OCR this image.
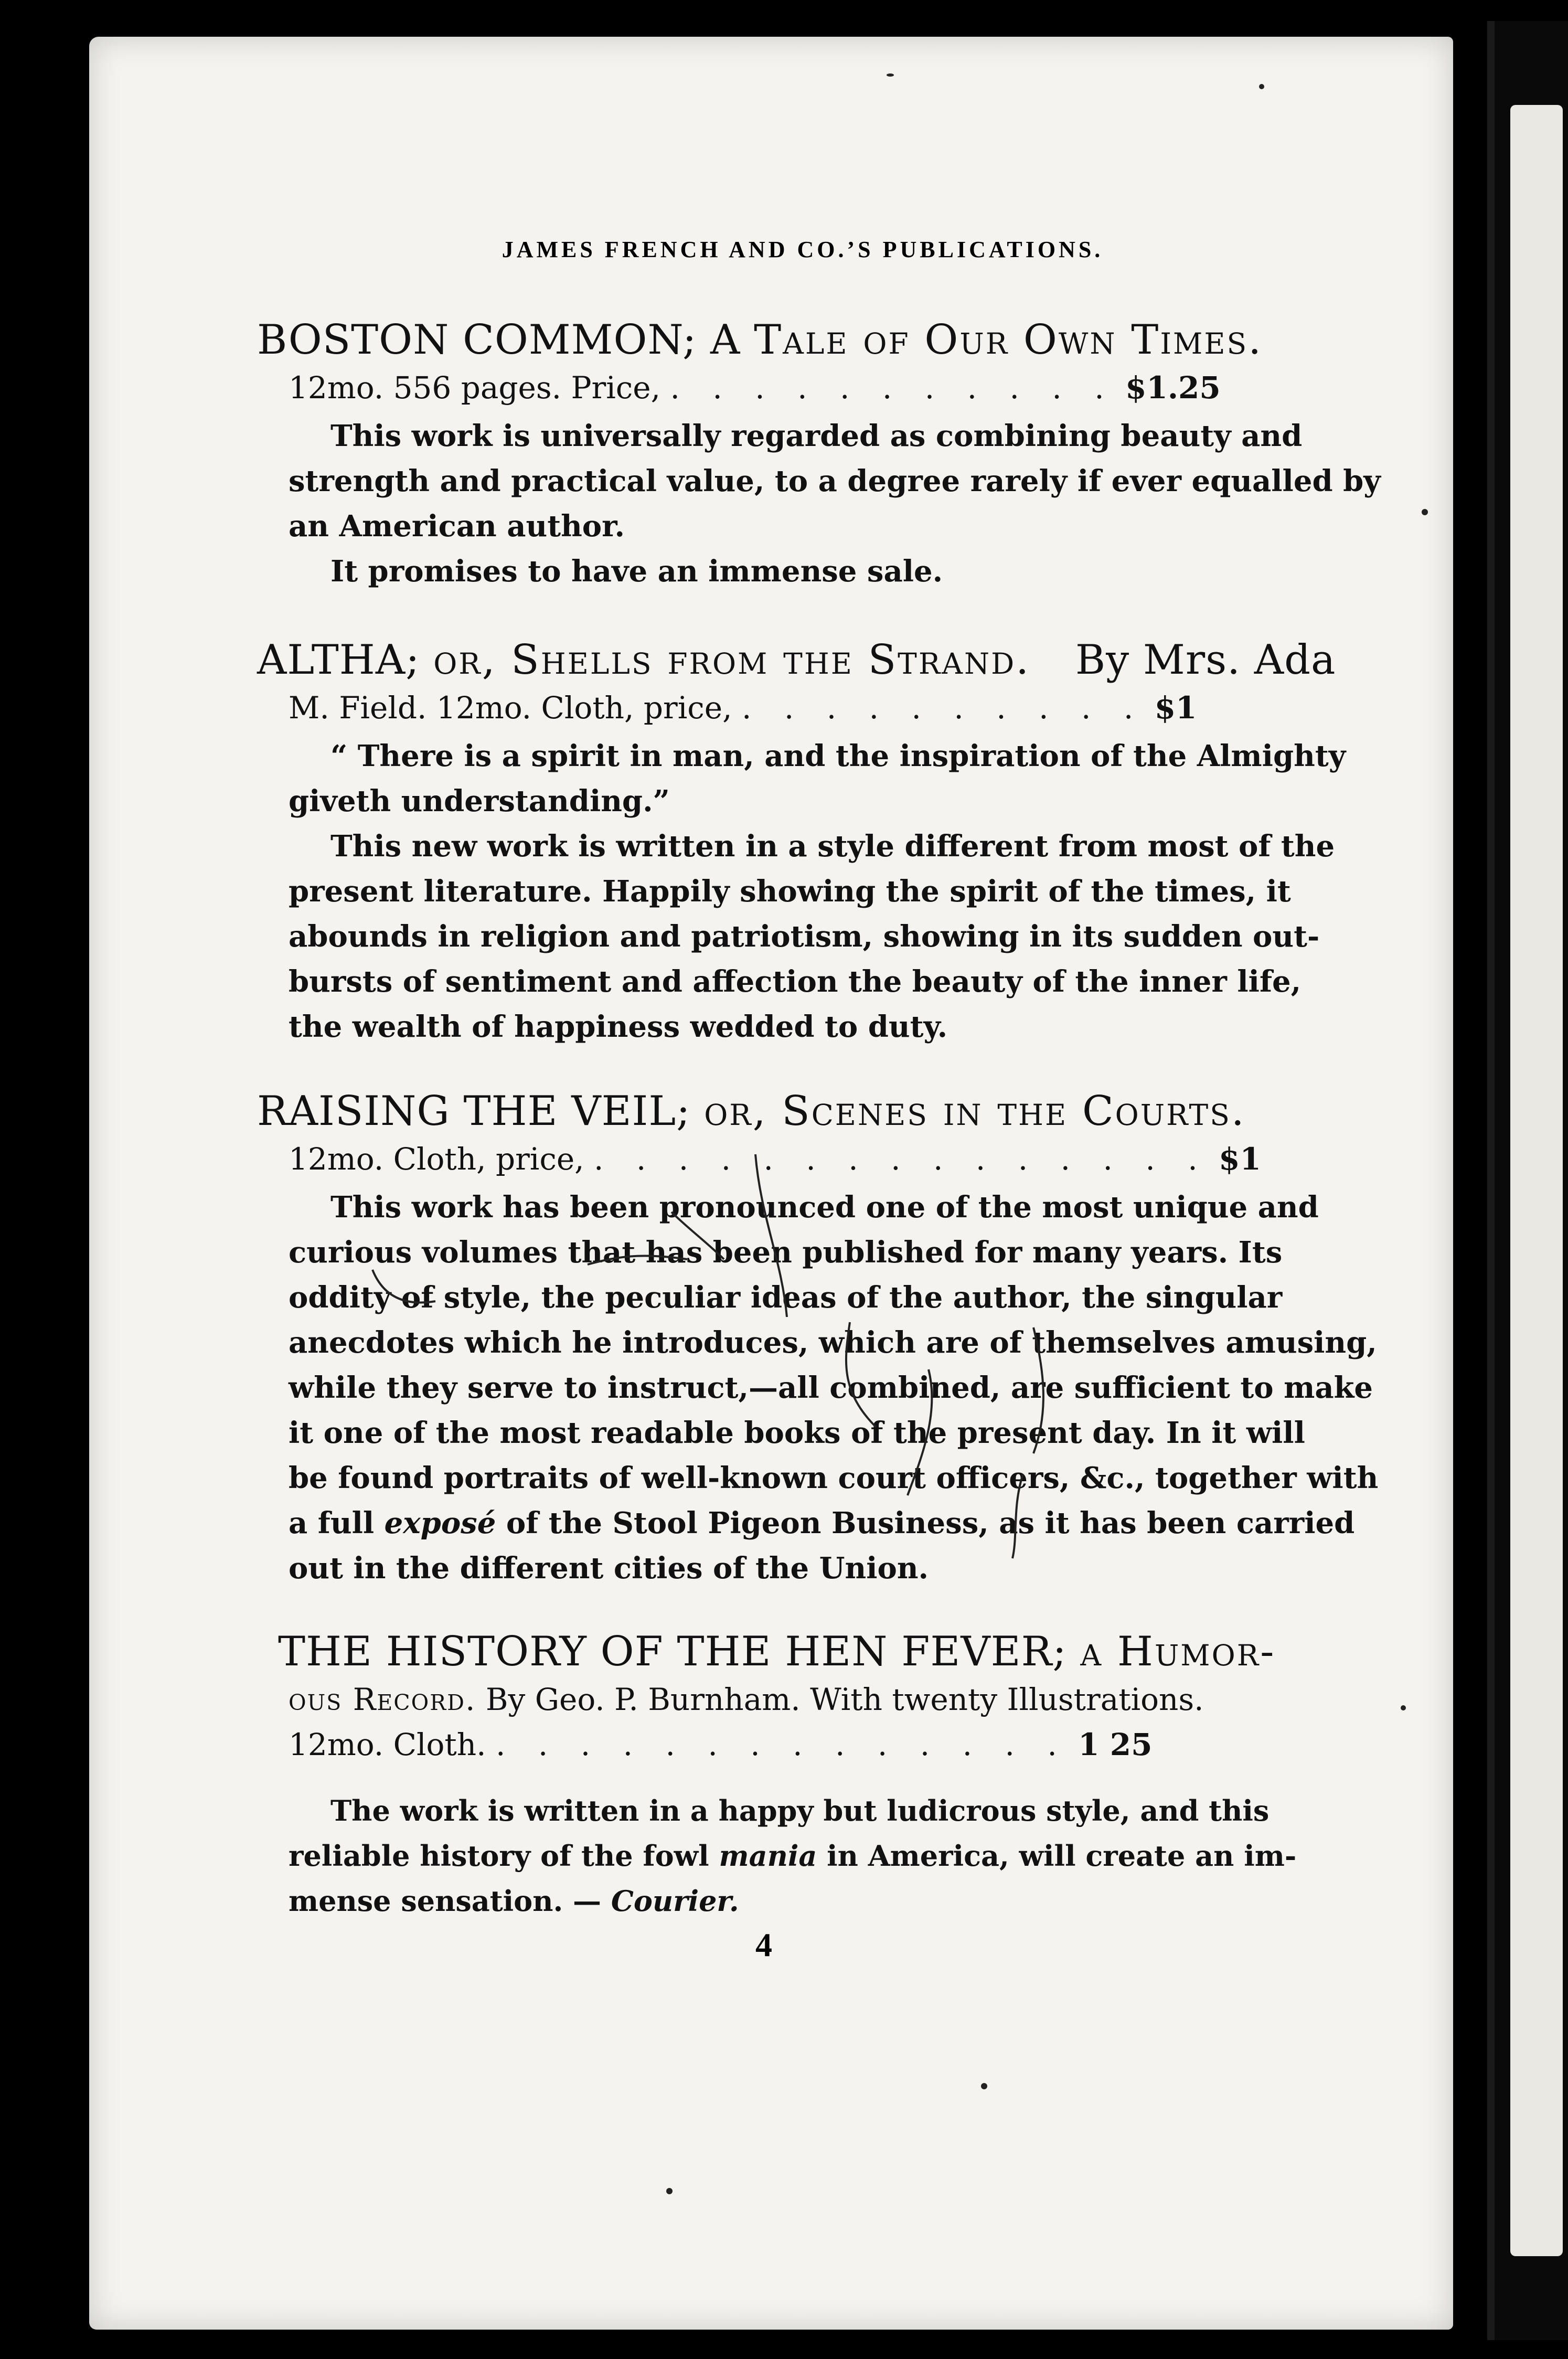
JAMES FRENCH AND CO.’S PUBLICATIONS.
BOSTON COMMON; A Tale of Our Own Times.
12mo. 556 pages. Price, . . . . . . . . . . . $1.25
This work is universally regarded as combining beauty and
strength and practical value, to a degree rarely if ever equalled by
an American author.
It promises to have an immense sale.
ALTHA; or, Shells from the Strand. By Mrs. Ada
M. Field. 12mo. Cloth, price, . . . . . . . . . . $1
“ There is a spirit in man, and the inspiration of the Almighty
giveth understanding.”
This new work is written in a style different from most of the
present literature. Happily showing the spirit of the times, it
abounds in religion and patriotism, showing in its sudden out-
bursts of sentiment and affection the beauty of the inner life,
the wealth of happiness wedded to duty.
RAISING THE VEIL; or, Scenes in the Courts.
12mo. Cloth, price, . . . . . . . . . . . . . . . $1
This work has been pronounced one of the most unique and
curious volumes that has been published for many years. Its
oddity of style, the peculiar ideas of the author, the singular
anecdotes which he introduces, which are of themselves amusing,
while they serve to instruct,—all combined, are sufficient to make
it one of the most readable books of the present day. In it will
be found portraits of well-known court officers, &c., together with
a full exposé of the Stool Pigeon Business, as it has been carried
out in the different cities of the Union.
THE HISTORY OF THE HEN FEVER; a Humor-
ous Record. By Geo. P. Burnham. With twenty Illustrations.
12mo. Cloth. . . . . . . . . . . . . . . 1 25
The work is written in a happy but ludicrous style, and this
reliable history of the fowl mania in America, will create an im-
mense sensation. — Courier.
4
